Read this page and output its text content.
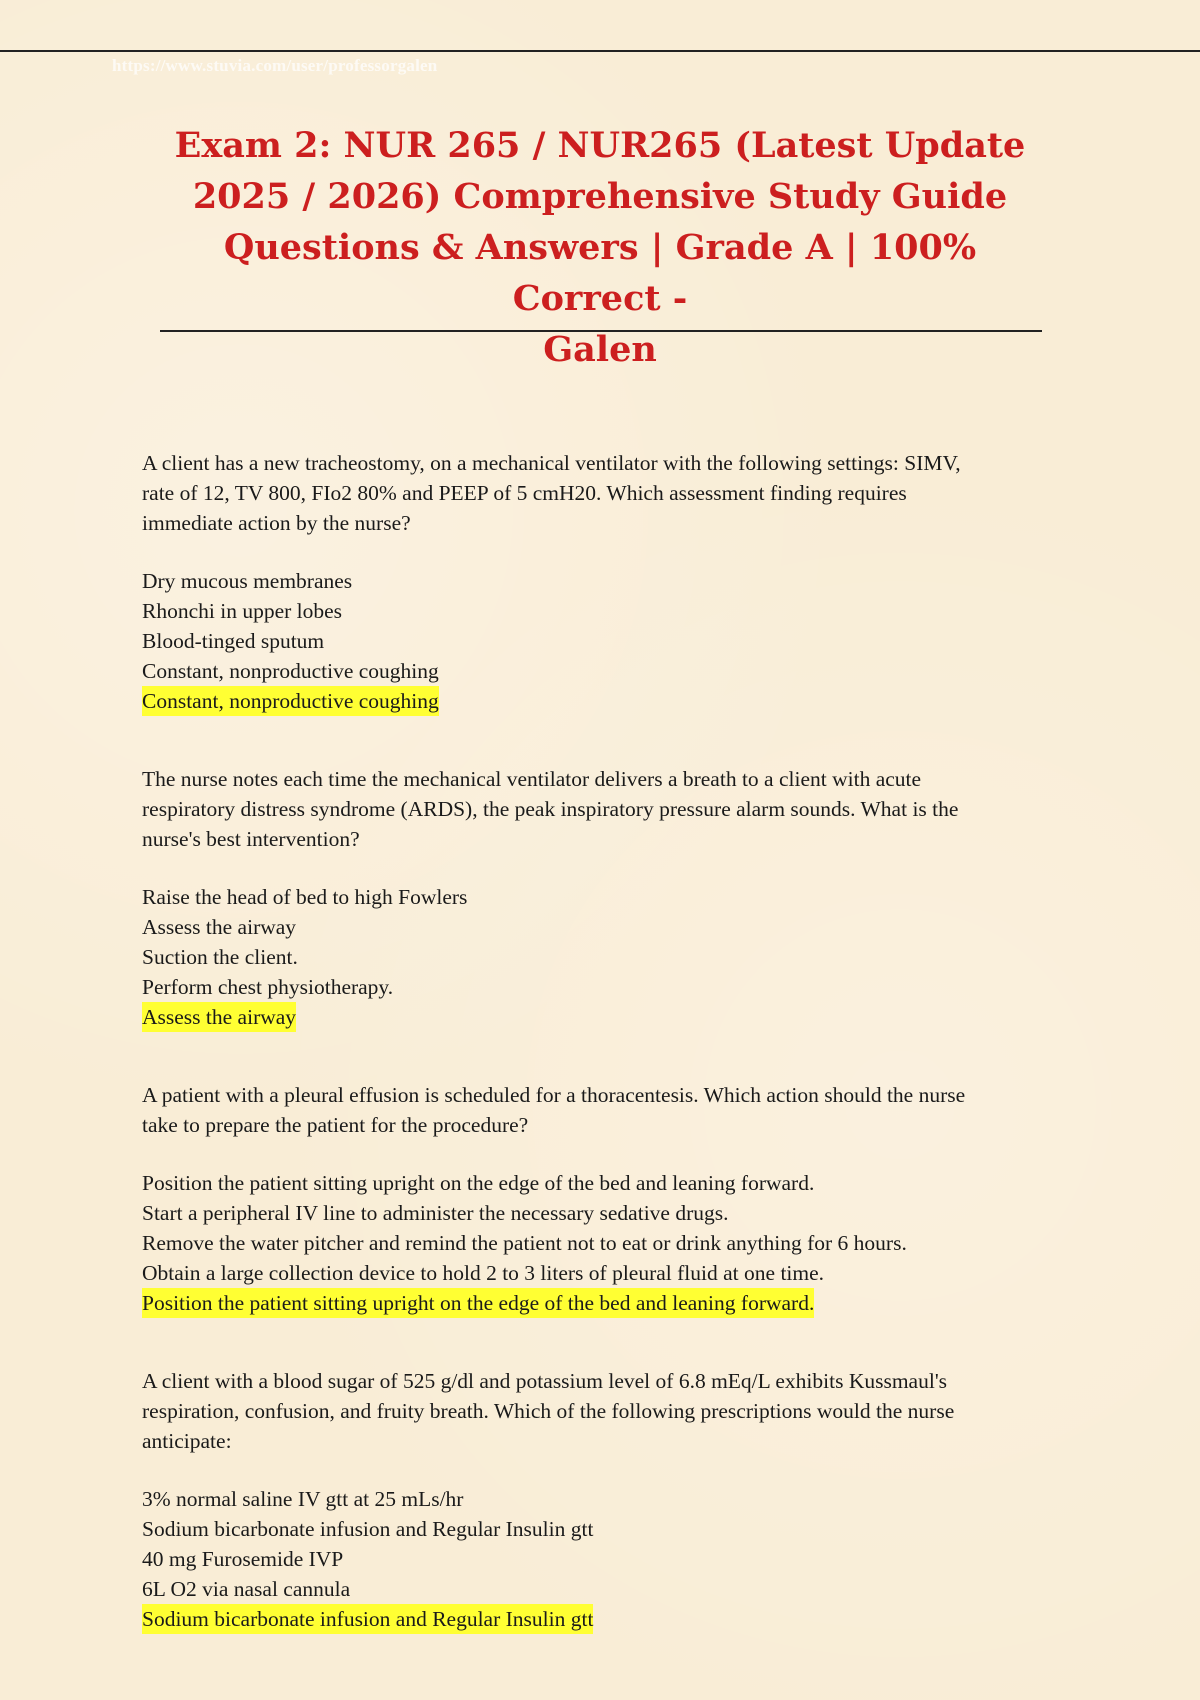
https://www.stuvia.com/user/professorgalen
Exam 2: NUR 265 / NUR265 (Latest Update
2025 / 2026) Comprehensive Study Guide
Questions & Answers | Grade A | 100% Correct -
Galen

A client has a new tracheostomy, on a mechanical ventilator with the following settings: SIMV,
rate of 12, TV 800, FIo2 80% and PEEP of 5 cmH20. Which assessment finding requires
immediate action by the nurse?

Dry mucous membranes
Rhonchi in upper lobes
Blood-tinged sputum
Constant, nonproductive coughing
Constant, nonproductive coughing

The nurse notes each time the mechanical ventilator delivers a breath to a client with acute
respiratory distress syndrome (ARDS), the peak inspiratory pressure alarm sounds. What is the
nurse's best intervention?

Raise the head of bed to high Fowlers
Assess the airway
Suction the client.
Perform chest physiotherapy.
Assess the airway

A patient with a pleural effusion is scheduled for a thoracentesis. Which action should the nurse
take to prepare the patient for the procedure?

Position the patient sitting upright on the edge of the bed and leaning forward.
Start a peripheral IV line to administer the necessary sedative drugs.
Remove the water pitcher and remind the patient not to eat or drink anything for 6 hours.
Obtain a large collection device to hold 2 to 3 liters of pleural fluid at one time.
Position the patient sitting upright on the edge of the bed and leaning forward.

A client with a blood sugar of 525 g/dl and potassium level of 6.8 mEq/L exhibits Kussmaul's
respiration, confusion, and fruity breath. Which of the following prescriptions would the nurse
anticipate:

3% normal saline IV gtt at 25 mLs/hr
Sodium bicarbonate infusion and Regular Insulin gtt
40 mg Furosemide IVP
6L O2 via nasal cannula
Sodium bicarbonate infusion and Regular Insulin gtt
